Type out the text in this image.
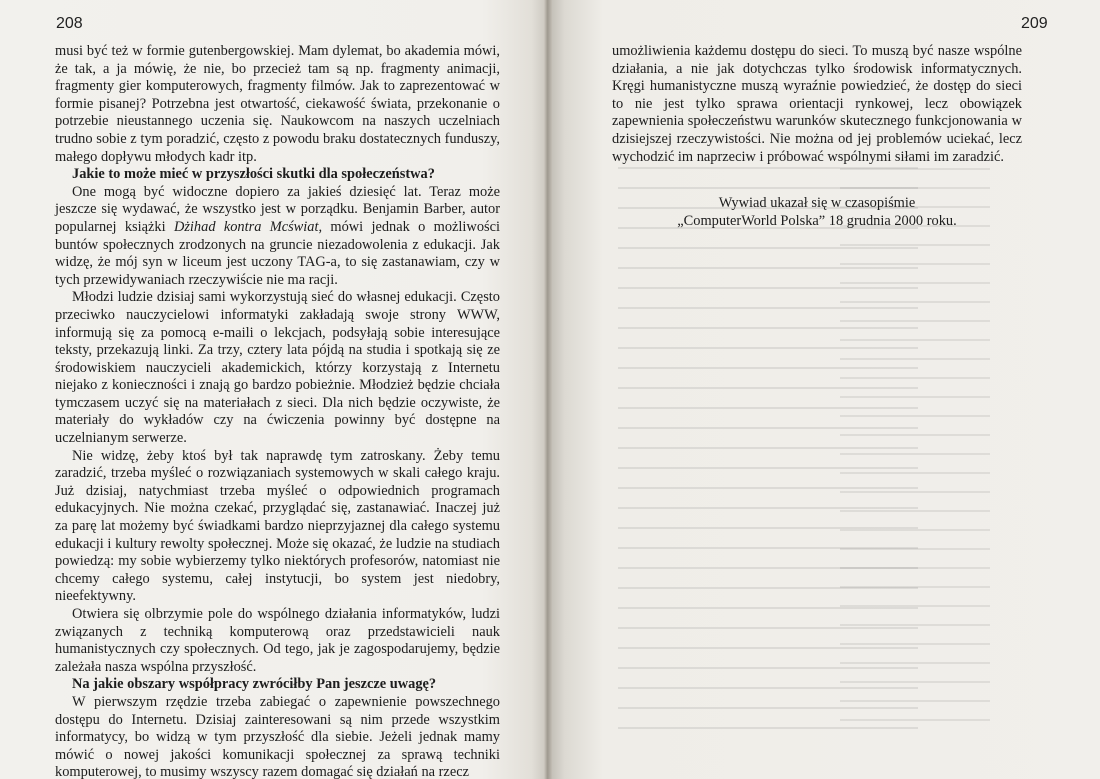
208

musi być też w formie gutenbergowskiej. Mam dylemat, bo akademia mówi, że tak, a ja mówię, że nie, bo przecież tam są np. fragmenty animacji, fragmenty gier komputerowych, fragmenty filmów. Jak to zaprezentować w formie pisanej? Potrzebna jest otwartość, ciekawość świata, przekonanie o potrzebie nieustannego uczenia się. Naukowcom na naszych uczelniach trudno sobie z tym poradzić, często z powodu braku dostatecznych funduszy, małego dopływu młodych kadr itp.

Jakie to może mieć w przyszłości skutki dla społeczeństwa?

One mogą być widoczne dopiero za jakieś dziesięć lat. Teraz może jeszcze się wydawać, że wszystko jest w porządku. Benjamin Barber, autor popularnej książki Dżihad kontra Mcświat, mówi jednak o możliwości buntów społecznych zrodzonych na gruncie niezadowolenia z edukacji. Jak widzę, że mój syn w liceum jest uczony TAG-a, to się zastanawiam, czy w tych przewidywaniach rzeczywiście nie ma racji.

Młodzi ludzie dzisiaj sami wykorzystują sieć do własnej edukacji. Często przeciwko nauczycielowi informatyki zakładają swoje strony WWW, informują się za pomocą e-maili o lekcjach, podsyłają sobie interesujące teksty, przekazują linki. Za trzy, cztery lata pójdą na studia i spotkają się ze środowiskiem nauczycieli akademickich, którzy korzystają z Internetu niejako z konieczności i znają go bardzo pobieżnie. Młodzież będzie chciała tymczasem uczyć się na materiałach z sieci. Dla nich będzie oczywiste, że materiały do wykładów czy na ćwiczenia powinny być dostępne na uczelnianym serwerze.

Nie widzę, żeby ktoś był tak naprawdę tym zatroskany. Żeby temu zaradzić, trzeba myśleć o rozwiązaniach systemowych w skali całego kraju. Już dzisiaj, natychmiast trzeba myśleć o odpowiednich programach edukacyjnych. Nie można czekać, przyglądać się, zastanawiać. Inaczej już za parę lat możemy być świadkami bardzo nieprzyjaznej dla całego systemu edukacji i kultury rewolty społecznej. Może się okazać, że ludzie na studiach powiedzą: my sobie wybierzemy tylko niektórych profesorów, natomiast nie chcemy całego systemu, całej instytucji, bo system jest niedobry, nieefektywny.

Otwiera się olbrzymie pole do wspólnego działania informatyków, ludzi związanych z techniką komputerową oraz przedstawicieli nauk humanistycznych czy społecznych. Od tego, jak je zagospodarujemy, będzie zależała nasza wspólna przyszłość.

Na jakie obszary współpracy zwróciłby Pan jeszcze uwagę?

W pierwszym rzędzie trzeba zabiegać o zapewnienie powszechnego dostępu do Internetu. Dzisiaj zainteresowani są nim przede wszystkim informatycy, bo widzą w tym przyszłość dla siebie. Jeżeli jednak mamy mówić o nowej jakości komunikacji społecznej za sprawą techniki komputerowej, to musimy wszyscy razem domagać się działań na rzecz

209

umożliwienia każdemu dostępu do sieci. To muszą być nasze wspólne działania, a nie jak dotychczas tylko środowisk informatycznych. Kręgi humanistyczne muszą wyraźnie powiedzieć, że dostęp do sieci to nie jest tylko sprawa orientacji rynkowej, lecz obowiązek zapewnienia społeczeństwu warunków skutecznego funkcjonowania w dzisiejszej rzeczywistości. Nie można od jej problemów uciekać, lecz wychodzić im naprzeciw i próbować wspólnymi siłami im zaradzić.

Wywiad ukazał się w czasopiśmie
„ComputerWorld Polska” 18 grudnia 2000 roku.
